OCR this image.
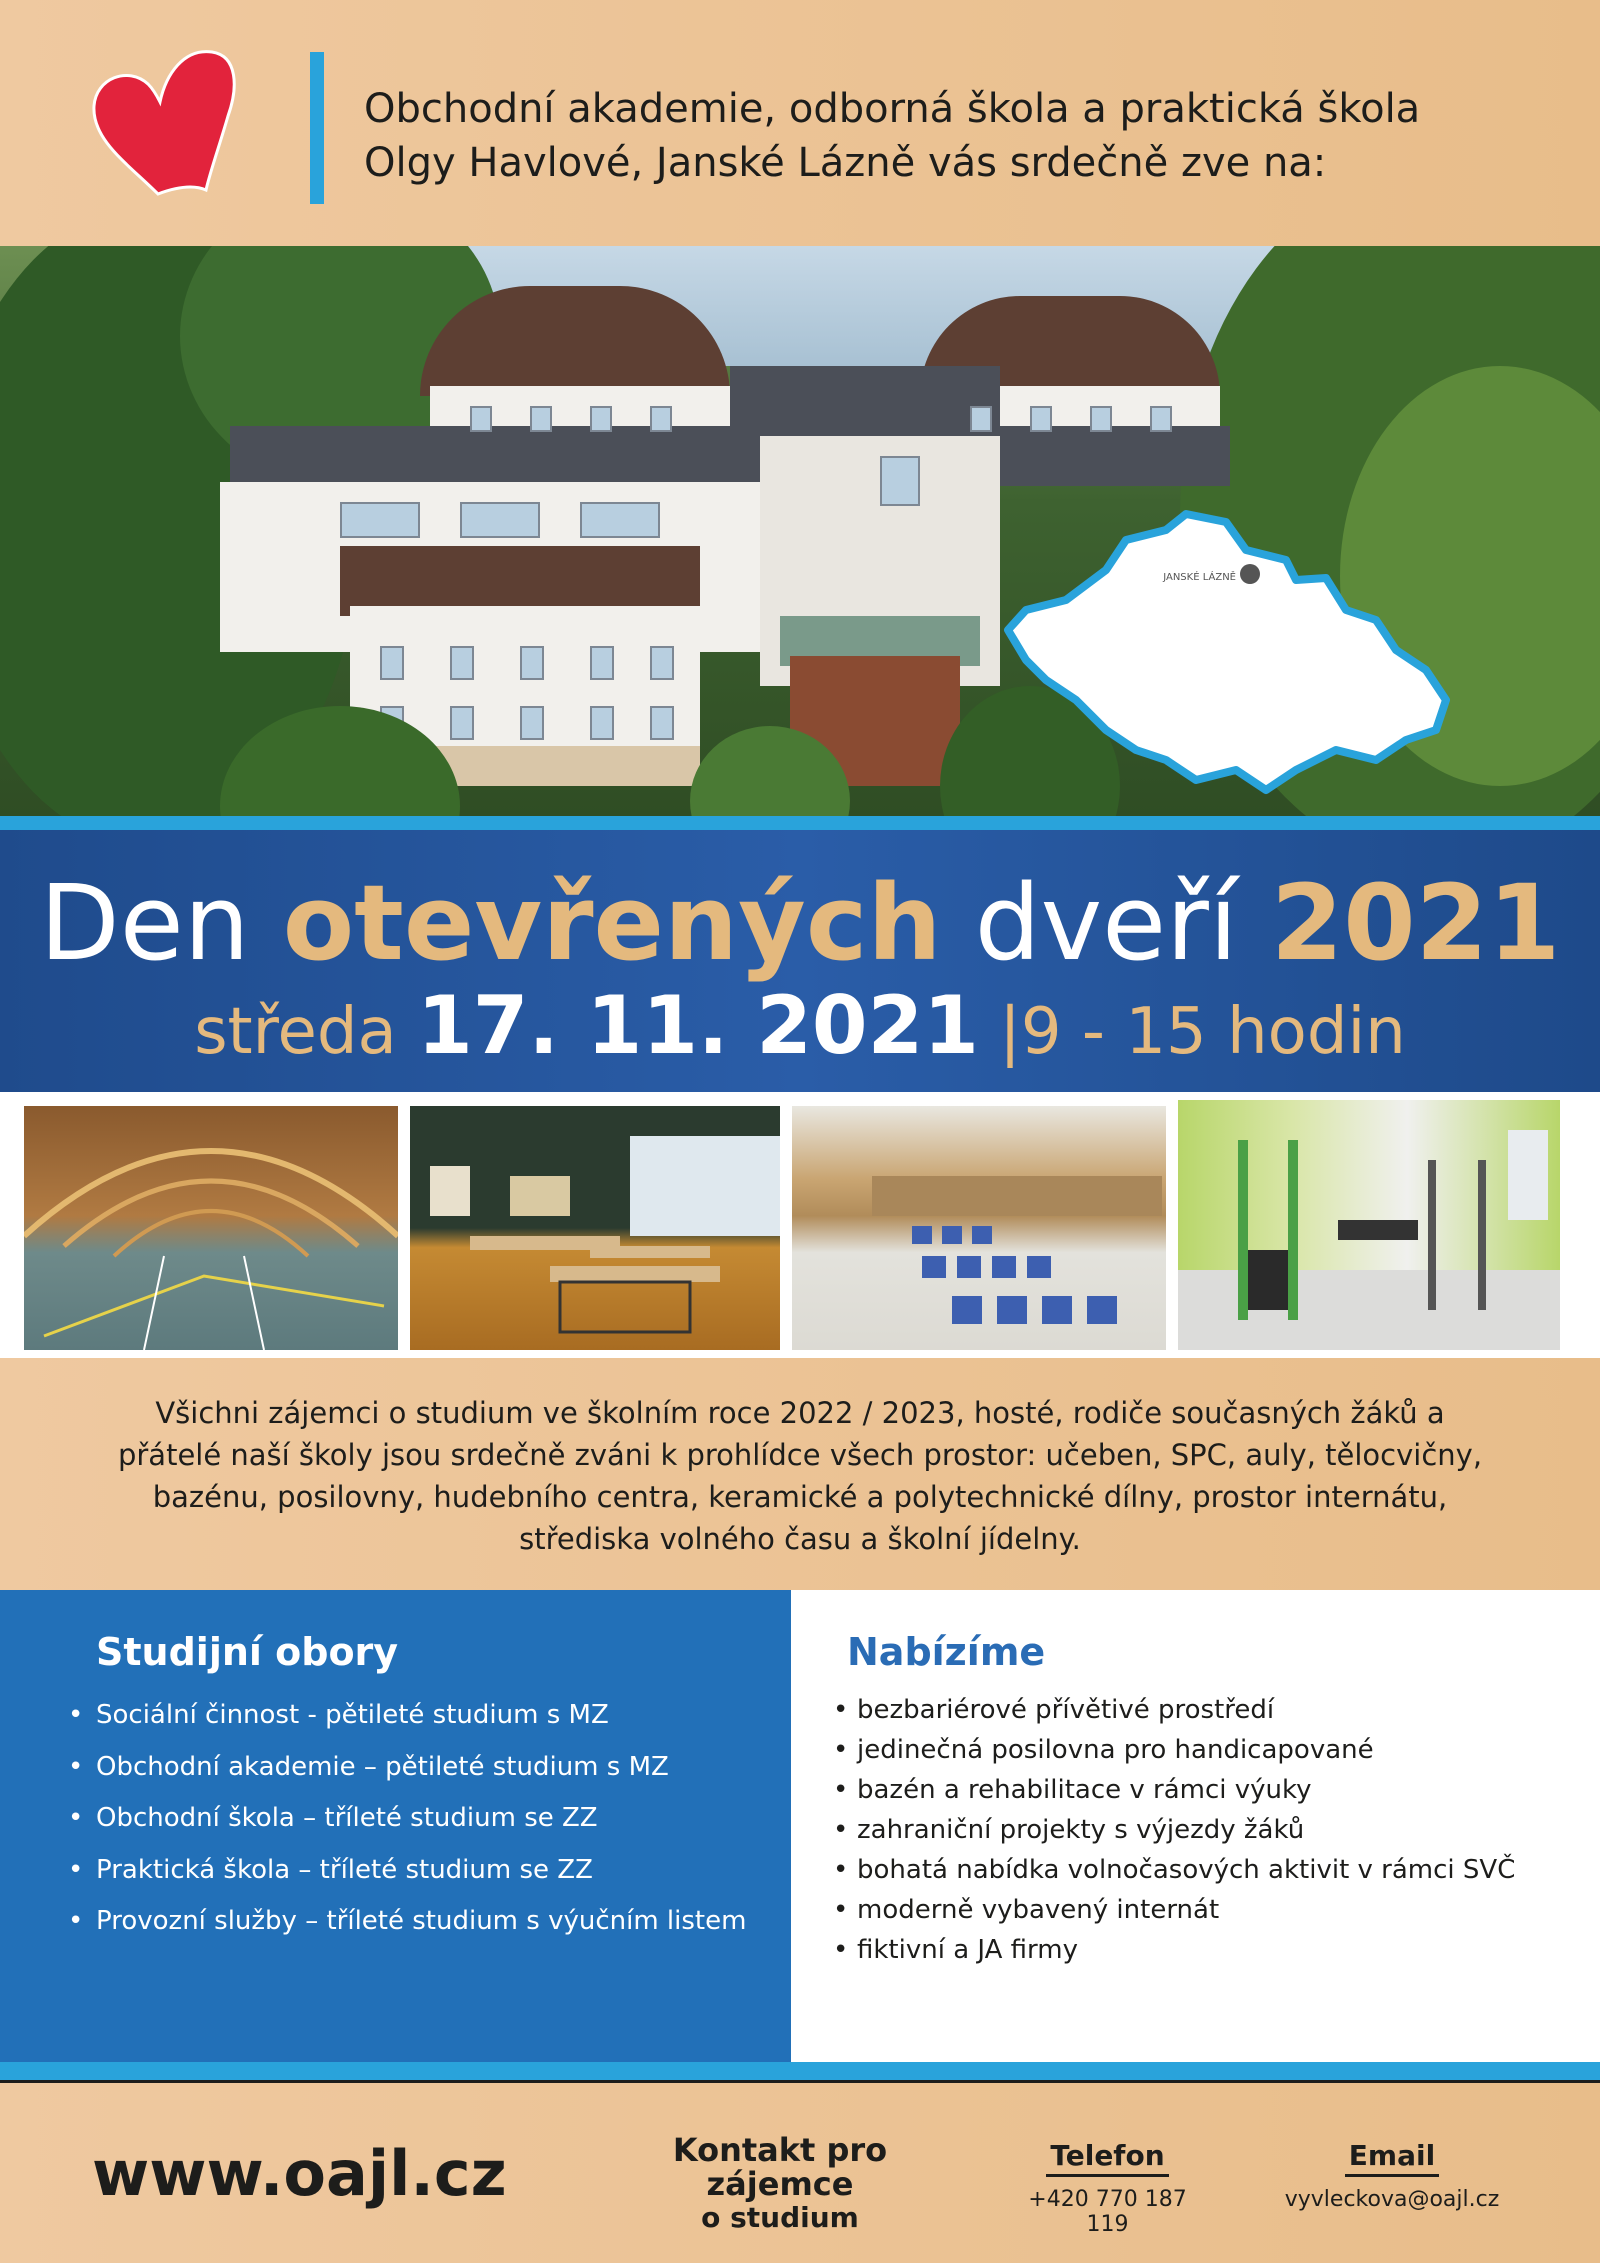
Obchodní akademie, odborná škola a praktická škola
Olgy Havlové, Janské Lázně vás srdečně zve na:
JANSKÉ LÁZNĚ
Den otevřených dveří 2021
středa 17. 11. 2021 |9 - 15 hodin

Všichni zájemci o studium ve školním roce 2022 / 2023, hosté, rodiče současných žáků a přátelé naší školy jsou srdečně zváni k prohlídce všech prostor: učeben, SPC, auly, tělocvičny, bazénu, posilovny, hudebního centra, keramické a polytechnické dílny, prostor internátu, střediska volného času a školní jídelny.

Studijní obory
• Sociální činnost - pětileté studium s MZ
• Obchodní akademie – pětileté studium s MZ
• Obchodní škola – tříleté studium se ZZ
• Praktická škola – tříleté studium se ZZ
• Provozní služby – tříleté studium s výučním listem
Nabízíme
• bezbariérové přívětivé prostředí
• jedinečná posilovna pro handicapované
• bazén a rehabilitace v rámci výuky
• zahraniční projekty s výjezdy žáků
• bohatá nabídka volnočasových aktivit v rámci SVČ
• moderně vybavený internát
• fiktivní a JA firmy
www.oajl.cz	Kontakt pro zájemce
o studium
Telefon
+420 770 187 119
Email
vyvleckova@oajl.cz
